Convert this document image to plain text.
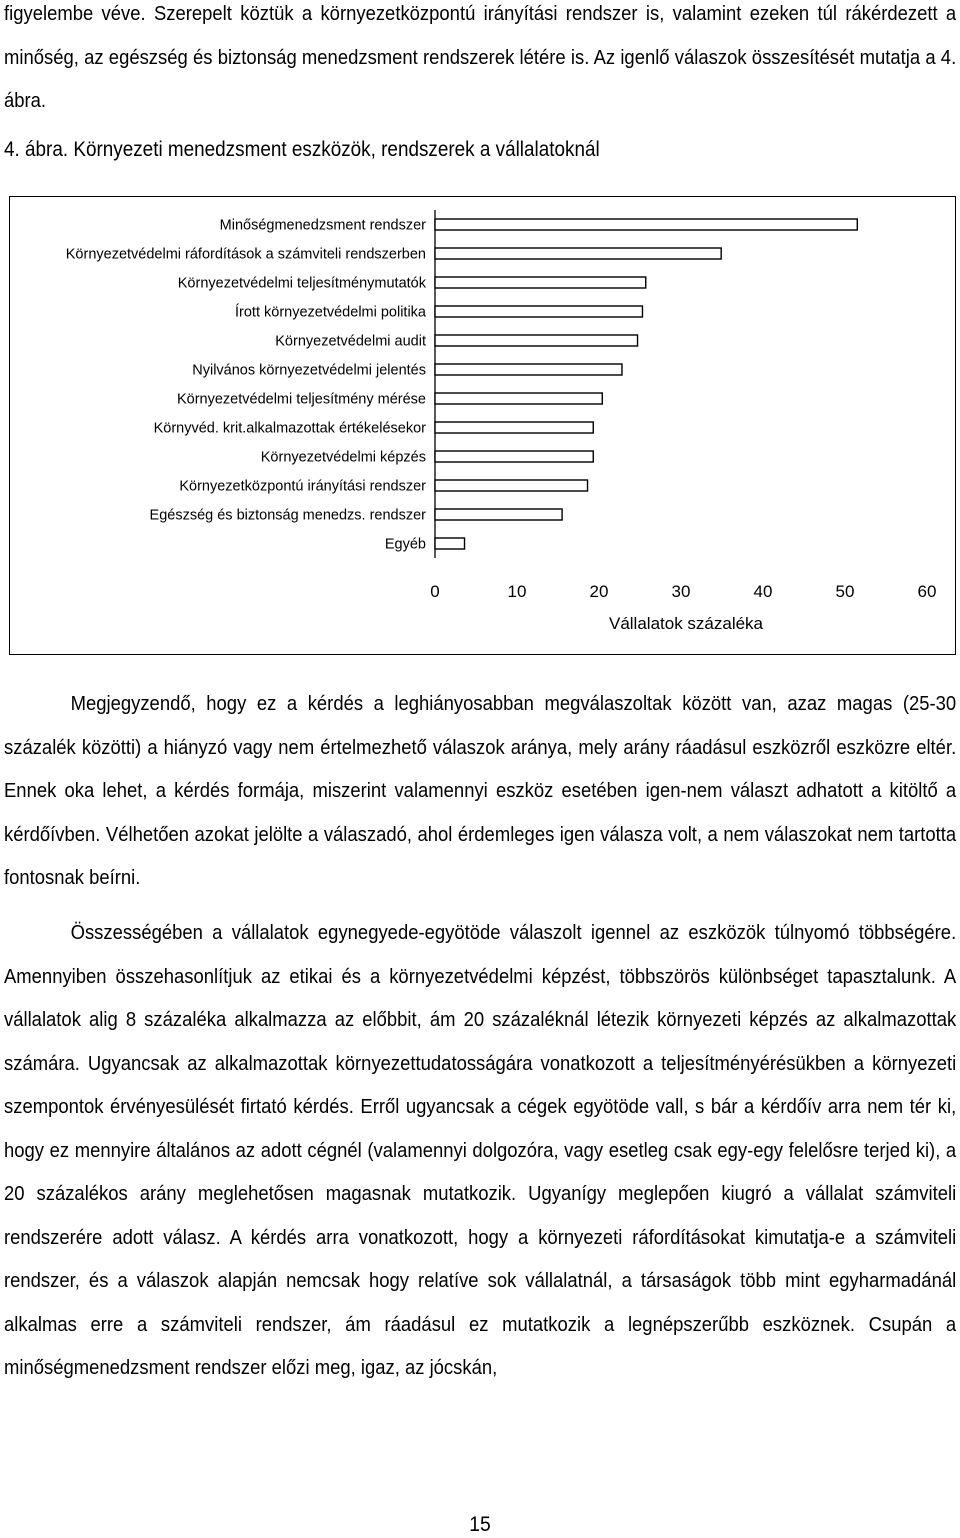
figyelembe véve. Szerepelt köztük a környezetközpontú irányítási rendszer is, valamint ezeken túl rákérdezett a minőség, az egészség és biztonság menedzsment rendszerek létére is. Az igenlő válaszok összesítését mutatja a 4. ábra.

4. ábra. Környezeti menedzsment eszközök, rendszerek a vállalatoknál

Minőségmenedzsment rendszer
Környezetvédelmi ráfordítások a számviteli rendszerben
Környezetvédelmi teljesítménymutatók
Írott környezetvédelmi politika
Környezetvédelmi audit
Nyilvános környezetvédelmi jelentés
Környezetvédelmi teljesítmény mérése
Környvéd. krit.alkalmazottak értékelésekor
Környezetvédelmi képzés
Környezetközpontú irányítási rendszer
Egészség és biztonság menedzs. rendszer
Egyéb
0	10	20	30	40	50	60
Vállalatok százaléka

Megjegyzendő, hogy ez a kérdés a leghiányosabban megválaszoltak között van, azaz magas (25-30 százalék közötti) a hiányzó vagy nem értelmezhető válaszok aránya, mely arány ráadásul eszközről eszközre eltér. Ennek oka lehet, a kérdés formája, miszerint valamennyi eszköz esetében igen-nem választ adhatott a kitöltő a kérdőívben. Vélhetően azokat jelölte a válaszadó, ahol érdemleges igen válasza volt, a nem válaszokat nem tartotta fontosnak beírni.

Összességében a vállalatok egynegyede-egyötöde válaszolt igennel az eszközök túlnyomó többségére. Amennyiben összehasonlítjuk az etikai és a környezetvédelmi képzést, többszörös különbséget tapasztalunk. A vállalatok alig 8 százaléka alkalmazza az előbbit, ám 20 százaléknál létezik környezeti képzés az alkalmazottak számára. Ugyancsak az alkalmazottak környezettudatosságára vonatkozott a teljesítményérésükben a környezeti szempontok érvényesülését firtató kérdés. Erről ugyancsak a cégek egyötöde vall, s bár a kérdőív arra nem tér ki, hogy ez mennyire általános az adott cégnél (valamennyi dolgozóra, vagy esetleg csak egy-egy felelősre terjed ki), a 20 százalékos arány meglehetősen magasnak mutatkozik. Ugyanígy meglepően kiugró a vállalat számviteli rendszerére adott válasz. A kérdés arra vonatkozott, hogy a környezeti ráfordításokat kimutatja-e a számviteli rendszer, és a válaszok alapján nemcsak hogy relatíve sok vállalatnál, a társaságok több mint egyharmadánál alkalmas erre a számviteli rendszer, ám ráadásul ez mutatkozik a legnépszerűbb eszköznek. Csupán a minőségmenedzsment rendszer előzi meg, igaz, az jócskán,

15
